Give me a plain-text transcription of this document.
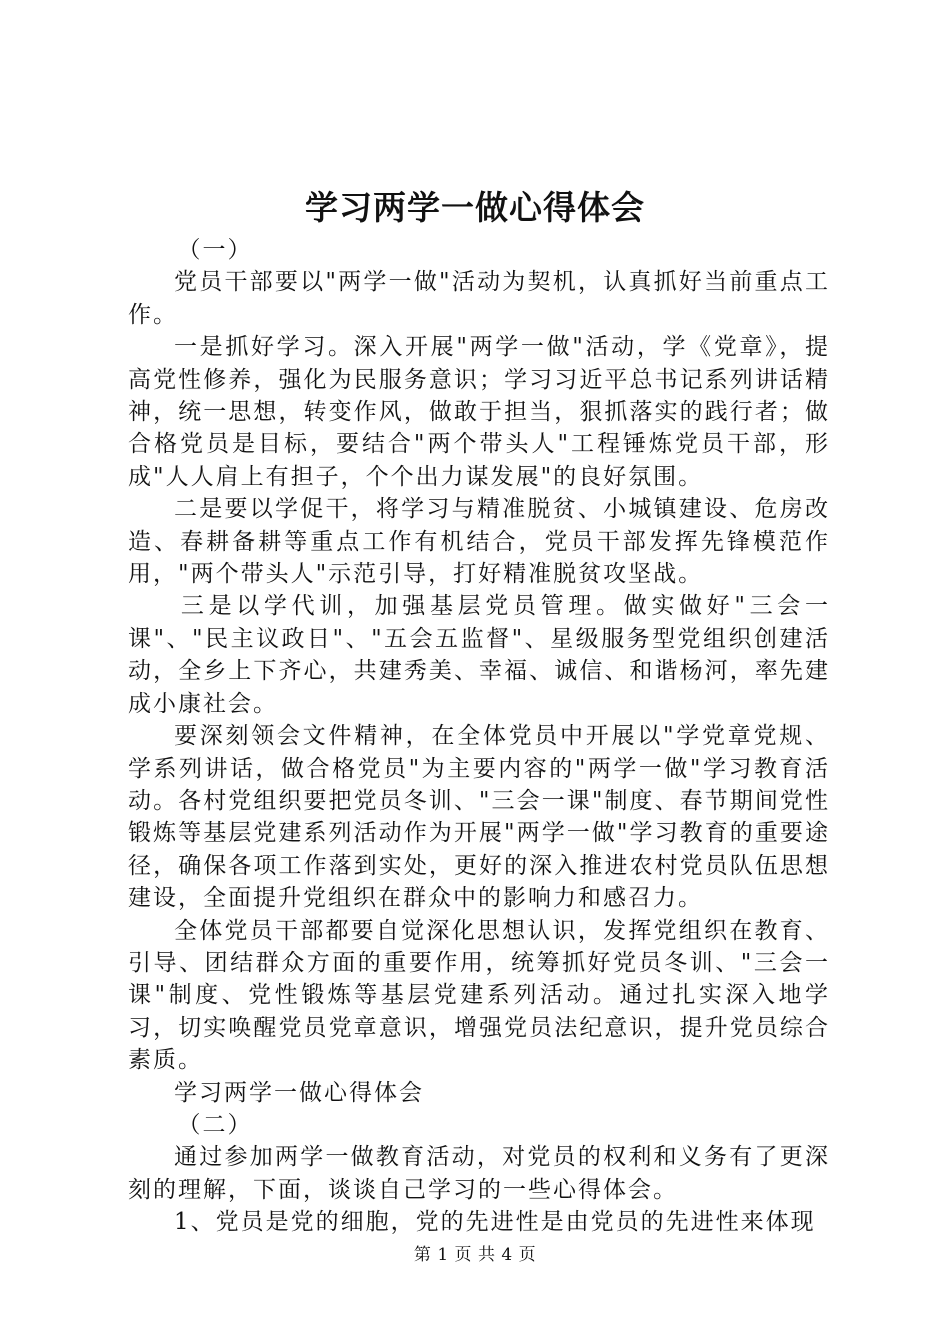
学习两学一做心得体会

（一）

党员干部要以"两学一做"活动为契机，认真抓好当前重点工作。

一是抓好学习。深入开展"两学一做"活动，学《党章》，提高党性修养，强化为民服务意识；学习习近平总书记系列讲话精神，统一思想，转变作风，做敢于担当，狠抓落实的践行者；做合格党员是目标，要结合"两个带头人"工程锤炼党员干部，形成"人人肩上有担子，个个出力谋发展"的良好氛围。

二是要以学促干，将学习与精准脱贫、小城镇建设、危房改造、春耕备耕等重点工作有机结合，党员干部发挥先锋模范作用，"两个带头人"示范引导，打好精准脱贫攻坚战。

三是以学代训，加强基层党员管理。做实做好"三会一课"、"民主议政日"、"五会五监督"、星级服务型党组织创建活动，全乡上下齐心，共建秀美、幸福、诚信、和谐杨河，率先建成小康社会。

要深刻领会文件精神，在全体党员中开展以"学党章党规、学系列讲话，做合格党员"为主要内容的"两学一做"学习教育活动。各村党组织要把党员冬训、"三会一课"制度、春节期间党性锻炼等基层党建系列活动作为开展"两学一做"学习教育的重要途径，确保各项工作落到实处，更好的深入推进农村党员队伍思想建设，全面提升党组织在群众中的影响力和感召力。

全体党员干部都要自觉深化思想认识，发挥党组织在教育、引导、团结群众方面的重要作用，统筹抓好党员冬训、"三会一课"制度、党性锻炼等基层党建系列活动。通过扎实深入地学习，切实唤醒党员党章意识，增强党员法纪意识，提升党员综合素质。

学习两学一做心得体会

（二）

通过参加两学一做教育活动，对党员的权利和义务有了更深刻的理解，下面，谈谈自己学习的一些心得体会。

1、党员是党的细胞，党的先进性是由党员的先进性来体现

第 1 页 共 4 页
